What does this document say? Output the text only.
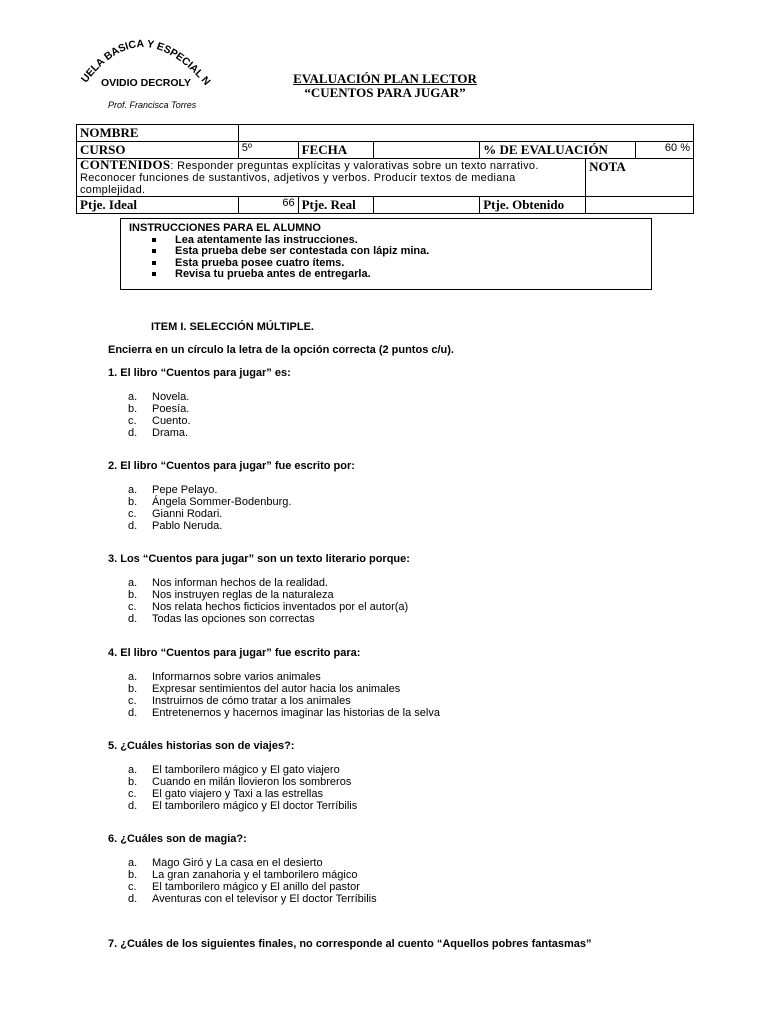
UELA BASICA Y ESPECIAL N
OVIDIO DECROLY
Prof. Francisca Torres
EVALUACIÓN PLAN LECTOR
“CUENTOS PARA JUGAR”
NOMBRE						
CURSO	5º	FECHA		% DE EVALUACIÓN		60 %
CONTENIDOS: Responder preguntas explícitas y valorativas sobre un texto narrativo. Reconocer funciones de sustantivos, adjetivos y verbos. Producir textos de mediana complejidad.					NOTA	
Ptje. Ideal	66	Ptje. Real		Ptje. Obtenido		
INSTRUCCIONES PARA EL ALUMNO
Lea atentamente las instrucciones.
Esta prueba debe ser contestada con lápiz mina.
Esta prueba posee cuatro ítems.
Revisa tu prueba antes de entregarla.
ITEM I. SELECCIÓN MÚLTIPLE.
Encierra en un círculo la letra de la opción correcta (2 puntos c/u).
1. El libro “Cuentos para jugar” es:
a. Novela.
b. Poesía.
c. Cuento.
d. Drama.
2. El libro “Cuentos para jugar” fue escrito por:
a. Pepe Pelayo.
b. Ángela Sommer-Bodenburg.
c. Gianni Rodari.
d. Pablo Neruda.
3. Los “Cuentos para jugar” son un texto literario porque:
a. Nos informan hechos de la realidad.
b. Nos instruyen reglas de la naturaleza
c. Nos relata hechos ficticios inventados por el autor(a)
d. Todas las opciones son correctas
4. El libro “Cuentos para jugar” fue escrito para:
a. Informarnos sobre varios animales
b. Expresar sentimientos del autor hacia los animales
c. Instruirnos de cómo tratar a los animales
d. Entretenernos y hacernos imaginar las historias de la selva
5. ¿Cuáles historias son de viajes?:
a. El tamborilero mágico y El gato viajero
b. Cuando en milán llovieron los sombreros
c. El gato viajero y Taxi a las estrellas
d. El tamborilero mágico y El doctor Terríbilis
6. ¿Cuáles son de magia?:
a. Mago Giró y La casa en el desierto
b. La gran zanahoria y el tamborilero mágico
c. El tamborilero mágico y El anillo del pastor
d. Aventuras con el televisor y El doctor Terríbilis
7. ¿Cuáles de los siguientes finales, no corresponde al cuento “Aquellos pobres fantasmas”
